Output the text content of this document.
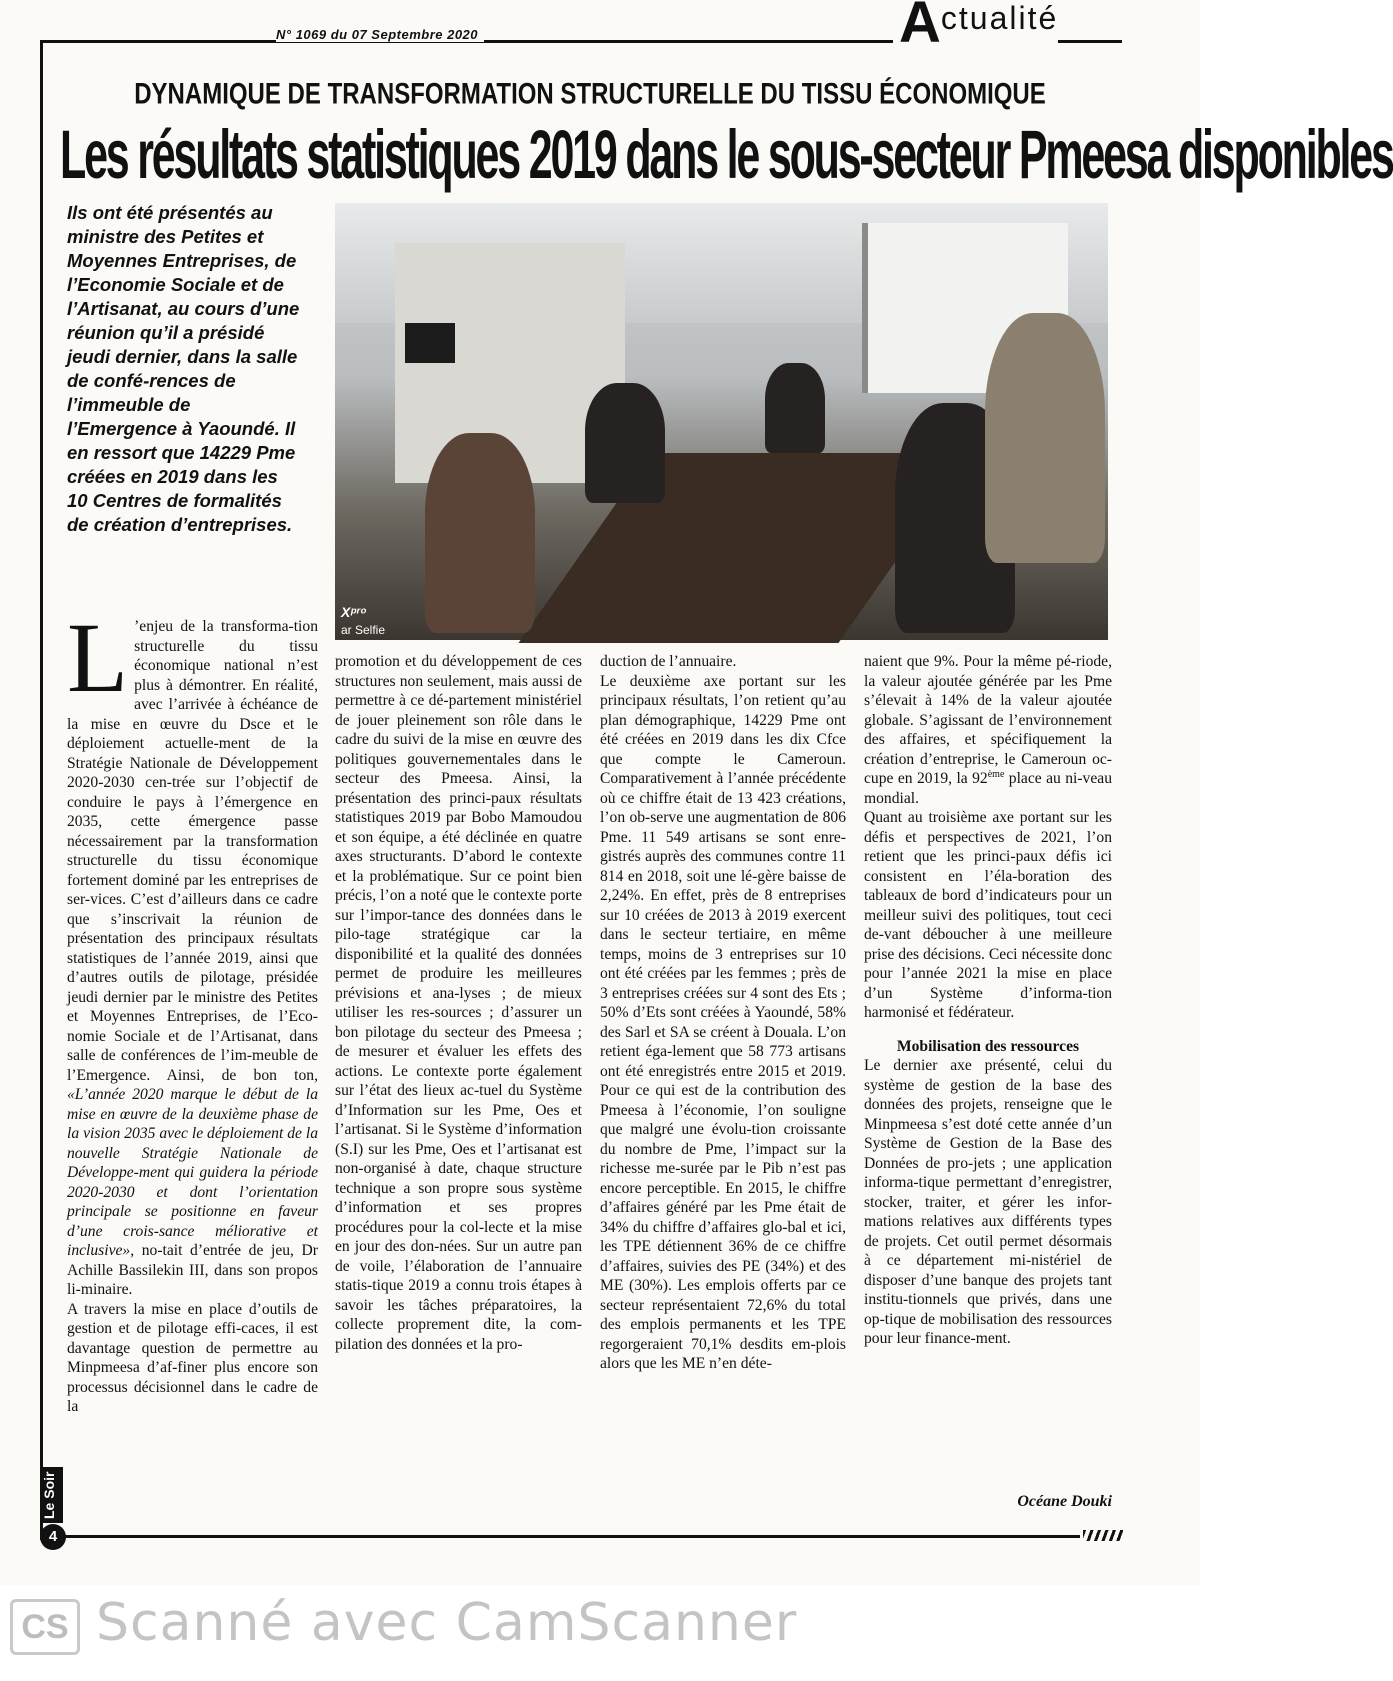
N° 1069 du 07 Septembre 2020	Actualité
DYNAMIQUE DE TRANSFORMATION STRUCTURELLE DU TISSU ÉCONOMIQUE
Les résultats statistiques 2019 dans le sous-secteur Pmeesa disponibles
Ils ont été présentés au ministre des Petites et Moyennes Entreprises, de l’Economie Sociale et de l’Artisanat, au cours d’une réunion qu’il a présidé jeudi dernier, dans la salle de confé-rences de l’immeuble de l’Emergence à Yaoundé. Il en ressort que 14229 Pme créées en 2019 dans les 10 Centres de formalités de création d’entreprises.
Xᵖʳᵒ
ar Selfie

L ’enjeu de la transforma-tion structurelle du tissu économique national n’est plus à démontrer. En réalité, avec l’arrivée à échéance de la mise en œuvre du Dsce et le déploiement actuelle-ment de la Stratégie Nationale de Développement 2020-2030 cen-trée sur l’objectif de conduire le pays à l’émergence en 2035, cette émergence passe nécessairement par la transformation structurelle du tissu économique fortement dominé par les entreprises de ser-vices. C’est d’ailleurs dans ce cadre que s’inscrivait la réunion de présentation des principaux résultats statistiques de l’année 2019, ainsi que d’autres outils de pilotage, présidée jeudi dernier par le ministre des Petites et Moyennes Entreprises, de l’Eco-nomie Sociale et de l’Artisanat, dans salle de conférences de l’im-meuble de l’Emergence. Ainsi, de bon ton, «L’année 2020 marque le début de la mise en œuvre de la deuxième phase de la vision 2035 avec le déploiement de la nouvelle Stratégie Nationale de Développe-ment qui guidera la période 2020-2030 et dont l’orientation principale se positionne en faveur d’une crois-sance méliorative et inclusive», no-tait d’entrée de jeu, Dr Achille Bassilekin III, dans son propos li-minaire.

A travers la mise en place d’outils de gestion et de pilotage effi-caces, il est davantage question de permettre au Minpmeesa d’af-finer plus encore son processus décisionnel dans le cadre de la

promotion et du développement de ces structures non seulement, mais aussi de permettre à ce dé-partement ministériel de jouer pleinement son rôle dans le cadre du suivi de la mise en œuvre des politiques gouvernementales dans le secteur des Pmeesa. Ainsi, la présentation des princi-paux résultats statistiques 2019 par Bobo Mamoudou et son équipe, a été déclinée en quatre axes structurants. D’abord le contexte et la problématique. Sur ce point bien précis, l’on a noté que le contexte porte sur l’impor-tance des données dans le pilo-tage stratégique car la disponibilité et la qualité des données permet de produire les meilleures prévisions et ana-lyses ; de mieux utiliser les res-sources ; d’assurer un bon pilotage du secteur des Pmeesa ; de mesurer et évaluer les effets des actions. Le contexte porte également sur l’état des lieux ac-tuel du Système d’Information sur les Pme, Oes et l’artisanat. Si le Système d’information (S.I) sur les Pme, Oes et l’artisanat est non-organisé à date, chaque structure technique a son propre sous système d’information et ses propres procédures pour la col-lecte et la mise en jour des don-nées. Sur un autre pan de voile, l’élaboration de l’annuaire statis-tique 2019 a connu trois étapes à savoir les tâches préparatoires, la collecte proprement dite, la com-pilation des données et la pro-

duction de l’annuaire.

Le deuxième axe portant sur les principaux résultats, l’on retient qu’au plan démographique, 14229 Pme ont été créées en 2019 dans les dix Cfce que compte le Cameroun. Comparativement à l’année précédente où ce chiffre était de 13 423 créations, l’on ob-serve une augmentation de 806 Pme. 11 549 artisans se sont enre-gistrés auprès des communes contre 11 814 en 2018, soit une lé-gère baisse de 2,24%. En effet, près de 8 entreprises sur 10 créées de 2013 à 2019 exercent dans le secteur tertiaire, en même temps, moins de 3 entreprises sur 10 ont été créées par les femmes ; près de 3 entreprises créées sur 4 sont des Ets ; 50% d’Ets sont créées à Yaoundé, 58% des Sarl et SA se créent à Douala. L’on retient éga-lement que 58 773 artisans ont été enregistrés entre 2015 et 2019. Pour ce qui est de la contribution des Pmeesa à l’économie, l’on souligne que malgré une évolu-tion croissante du nombre de Pme, l’impact sur la richesse me-surée par le Pib n’est pas encore perceptible. En 2015, le chiffre d’affaires généré par les Pme était de 34% du chiffre d’affaires glo-bal et ici, les TPE détiennent 36% de ce chiffre d’affaires, suivies des PE (34%) et des ME (30%). Les emplois offerts par ce secteur représentaient 72,6% du total des emplois permanents et les TPE regorgeraient 70,1% desdits em-plois alors que les ME n’en déte-

naient que 9%. Pour la même pé-riode, la valeur ajoutée générée par les Pme s’élevait à 14% de la valeur ajoutée globale. S’agissant de l’environnement des affaires, et spécifiquement la création d’entreprise, le Cameroun oc-cupe en 2019, la 92ème place au ni-veau mondial.

Quant au troisième axe portant sur les défis et perspectives de 2021, l’on retient que les princi-paux défis ici consistent en l’éla-boration des tableaux de bord d’indicateurs pour un meilleur suivi des politiques, tout ceci de-vant déboucher à une meilleure prise des décisions. Ceci nécessite donc pour l’année 2021 la mise en place d’un Système d’informa-tion harmonisé et fédérateur.

Mobilisation des ressources

Le dernier axe présenté, celui du système de gestion de la base des données des projets, renseigne que le Minpmeesa s’est doté cette année d’un Système de Gestion de la Base des Données de pro-jets ; une application informa-tique permettant d’enregistrer, stocker, traiter, et gérer les infor-mations relatives aux différents types de projets. Cet outil permet désormais à ce département mi-nistériel de disposer d’une banque des projets tant institu-tionnels que privés, dans une op-tique de mobilisation des ressources pour leur finance-ment.

Océane Douki
Le Soir
4
CS Scanné avec CamScanner
